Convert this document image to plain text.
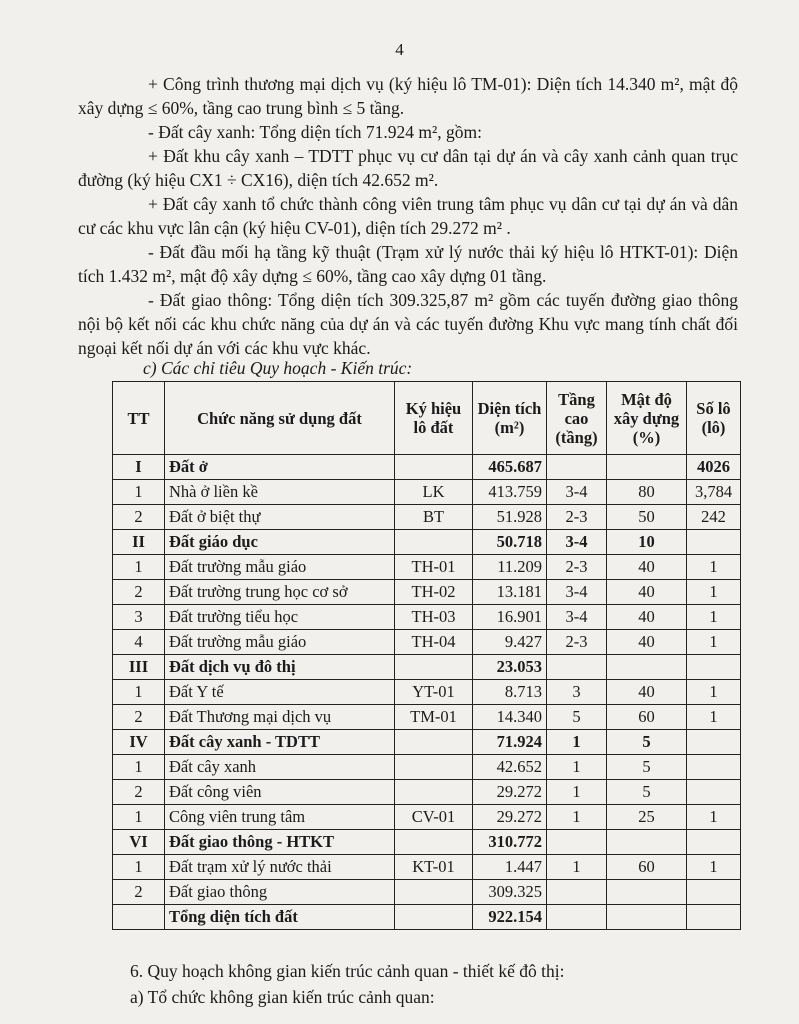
4

+ Công trình thương mại dịch vụ (ký hiệu lô TM-01): Diện tích 14.340 m², mật độ xây dựng ≤ 60%, tầng cao trung bình ≤ 5 tầng.

- Đất cây xanh: Tổng diện tích 71.924 m², gồm:

+ Đất khu cây xanh – TDTT phục vụ cư dân tại dự án và cây xanh cảnh quan trục đường (ký hiệu CX1 ÷ CX16), diện tích 42.652 m².

+ Đất cây xanh tổ chức thành công viên trung tâm phục vụ dân cư tại dự án và dân cư các khu vực lân cận (ký hiệu CV-01), diện tích 29.272 m² .

- Đất đầu mối hạ tầng kỹ thuật (Trạm xử lý nước thải ký hiệu lô HTKT-01): Diện tích 1.432 m², mật độ xây dựng ≤ 60%, tầng cao xây dựng 01 tầng.

- Đất giao thông: Tổng diện tích 309.325,87 m² gồm các tuyến đường giao thông nội bộ kết nối các khu chức năng của dự án và các tuyến đường Khu vực mang tính chất đối ngoại kết nối dự án với các khu vực khác.

c) Các chỉ tiêu Quy hoạch - Kiến trúc:
TT	Chức năng sử dụng đất	Ký hiệu lô đất	Diện tích (m²)	Tầng cao (tầng)	Mật độ xây dựng (%)	Số lô (lô)
I	Đất ở		465.687			4026
1	Nhà ở liền kề	LK	413.759	3-4	80	3,784
2	Đất ở biệt thự	BT	51.928	2-3	50	242
II	Đất giáo dục		50.718	3-4	10	
1	Đất trường mẫu giáo	TH-01	11.209	2-3	40	1
2	Đất trường trung học cơ sở	TH-02	13.181	3-4	40	1
3	Đất trường tiểu học	TH-03	16.901	3-4	40	1
4	Đất trường mẫu giáo	TH-04	9.427	2-3	40	1
III	Đất dịch vụ đô thị		23.053			
1	Đất Y tế	YT-01	8.713	3	40	1
2	Đất Thương mại dịch vụ	TM-01	14.340	5	60	1
IV	Đất cây xanh - TDTT		71.924	1	5	
1	Đất cây xanh		42.652	1	5	
2	Đất công viên		29.272	1	5	
1	Công viên trung tâm	CV-01	29.272	1	25	1
VI	Đất giao thông - HTKT		310.772			
1	Đất trạm xử lý nước thải	KT-01	1.447	1	60	1
2	Đất giao thông		309.325			
	Tổng diện tích đất		922.154			

6. Quy hoạch không gian kiến trúc cảnh quan - thiết kế đô thị:

a) Tổ chức không gian kiến trúc cảnh quan:
